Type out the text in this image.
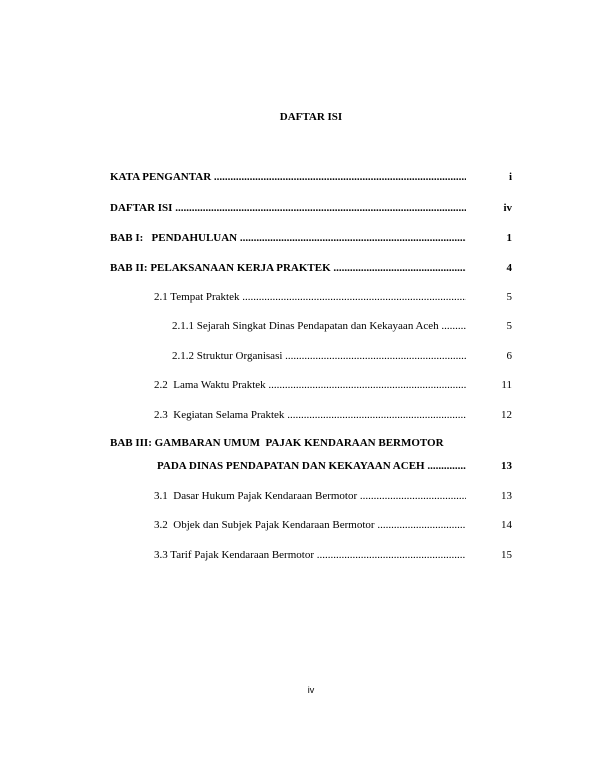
DAFTAR ISI
KATA PENGANTAR .....	i
DAFTAR ISI .....	iv
BAB I:   PENDAHULUAN .....	1
BAB II: PELAKSANAAN KERJA PRAKTEK .....	4
2.1 Tempat Praktek .....	5
2.1.1 Sejarah Singkat Dinas Pendapatan dan Kekayaan Aceh .....	5
2.1.2 Struktur Organisasi .....	6
2.2  Lama Waktu Praktek .....	11
2.3  Kegiatan Selama Praktek .....	12
BAB III: GAMBARAN UMUM  PAJAK KENDARAAN BERMOTOR
PADA DINAS PENDAPATAN DAN KEKAYAAN ACEH .....	13
3.1  Dasar Hukum Pajak Kendaraan Bermotor .....	13
3.2  Objek dan Subjek Pajak Kendaraan Bermotor .....	14
3.3 Tarif Pajak Kendaraan Bermotor .....	15
iv
